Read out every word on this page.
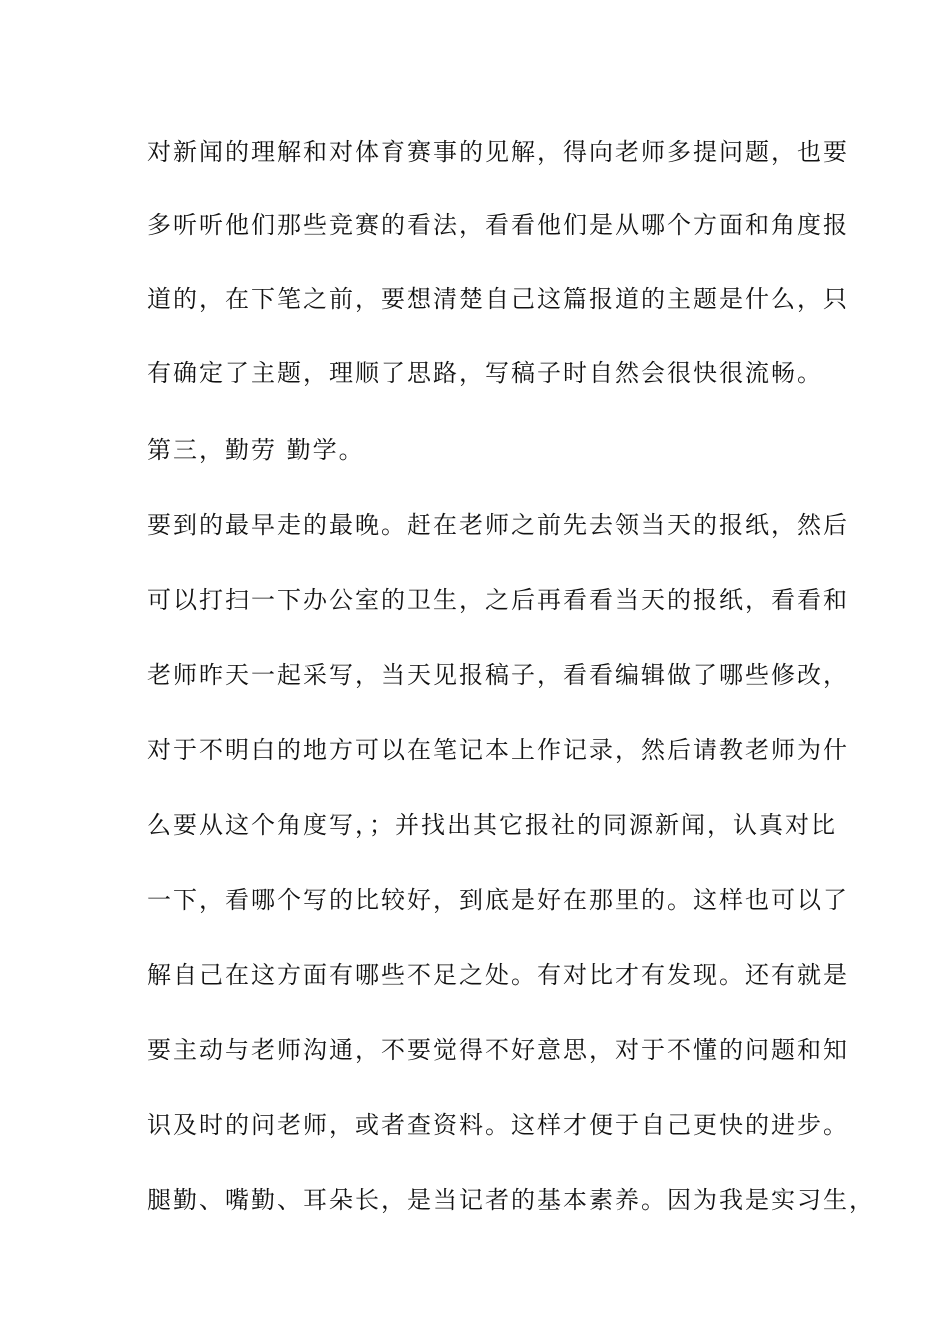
对新闻的理解和对体育赛事的见解，得向老师多提问题，也要
多听听他们那些竞赛的看法，看看他们是从哪个方面和角度报
道的，在下笔之前，要想清楚自己这篇报道的主题是什么，只
有确定了主题，理顺了思路，写稿子时自然会很快很流畅。
第三，勤劳 勤学。
要到的最早走的最晚。赶在老师之前先去领当天的报纸，然后
可以打扫一下办公室的卫生，之后再看看当天的报纸，看看和
老师昨天一起采写，当天见报稿子，看看编辑做了哪些修改，
对于不明白的地方可以在笔记本上作记录，然后请教老师为什
么要从这个角度写，；并找出其它报社的同源新闻，认真对比
一下，看哪个写的比较好，到底是好在那里的。这样也可以了
解自己在这方面有哪些不足之处。有对比才有发现。还有就是
要主动与老师沟通，不要觉得不好意思，对于不懂的问题和知
识及时的问老师，或者查资料。这样才便于自己更快的进步。
腿勤、嘴勤、耳朵长，是当记者的基本素养。因为我是实习生，
